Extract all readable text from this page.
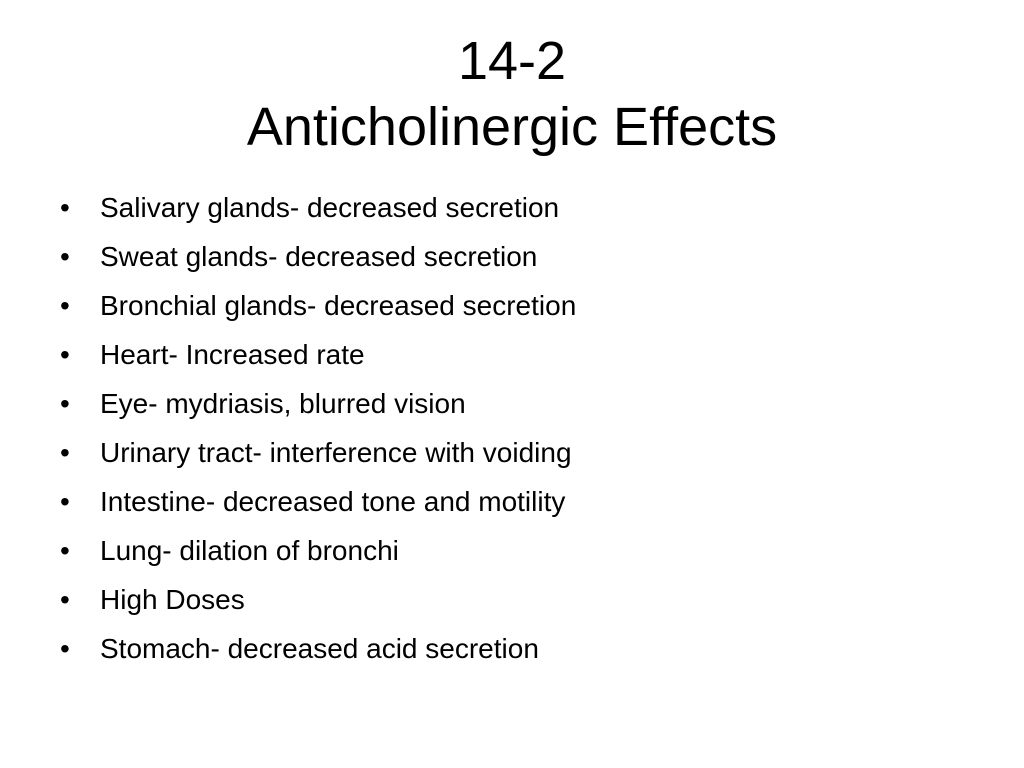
14-2
Anticholinergic Effects
•	Salivary glands- decreased secretion
•	Sweat glands- decreased secretion
•	Bronchial glands- decreased secretion
•	Heart- Increased rate
•	Eye- mydriasis, blurred vision
•	Urinary tract- interference with voiding
•	Intestine- decreased tone and motility
•	Lung- dilation of bronchi
•	High Doses
•	Stomach- decreased acid secretion
